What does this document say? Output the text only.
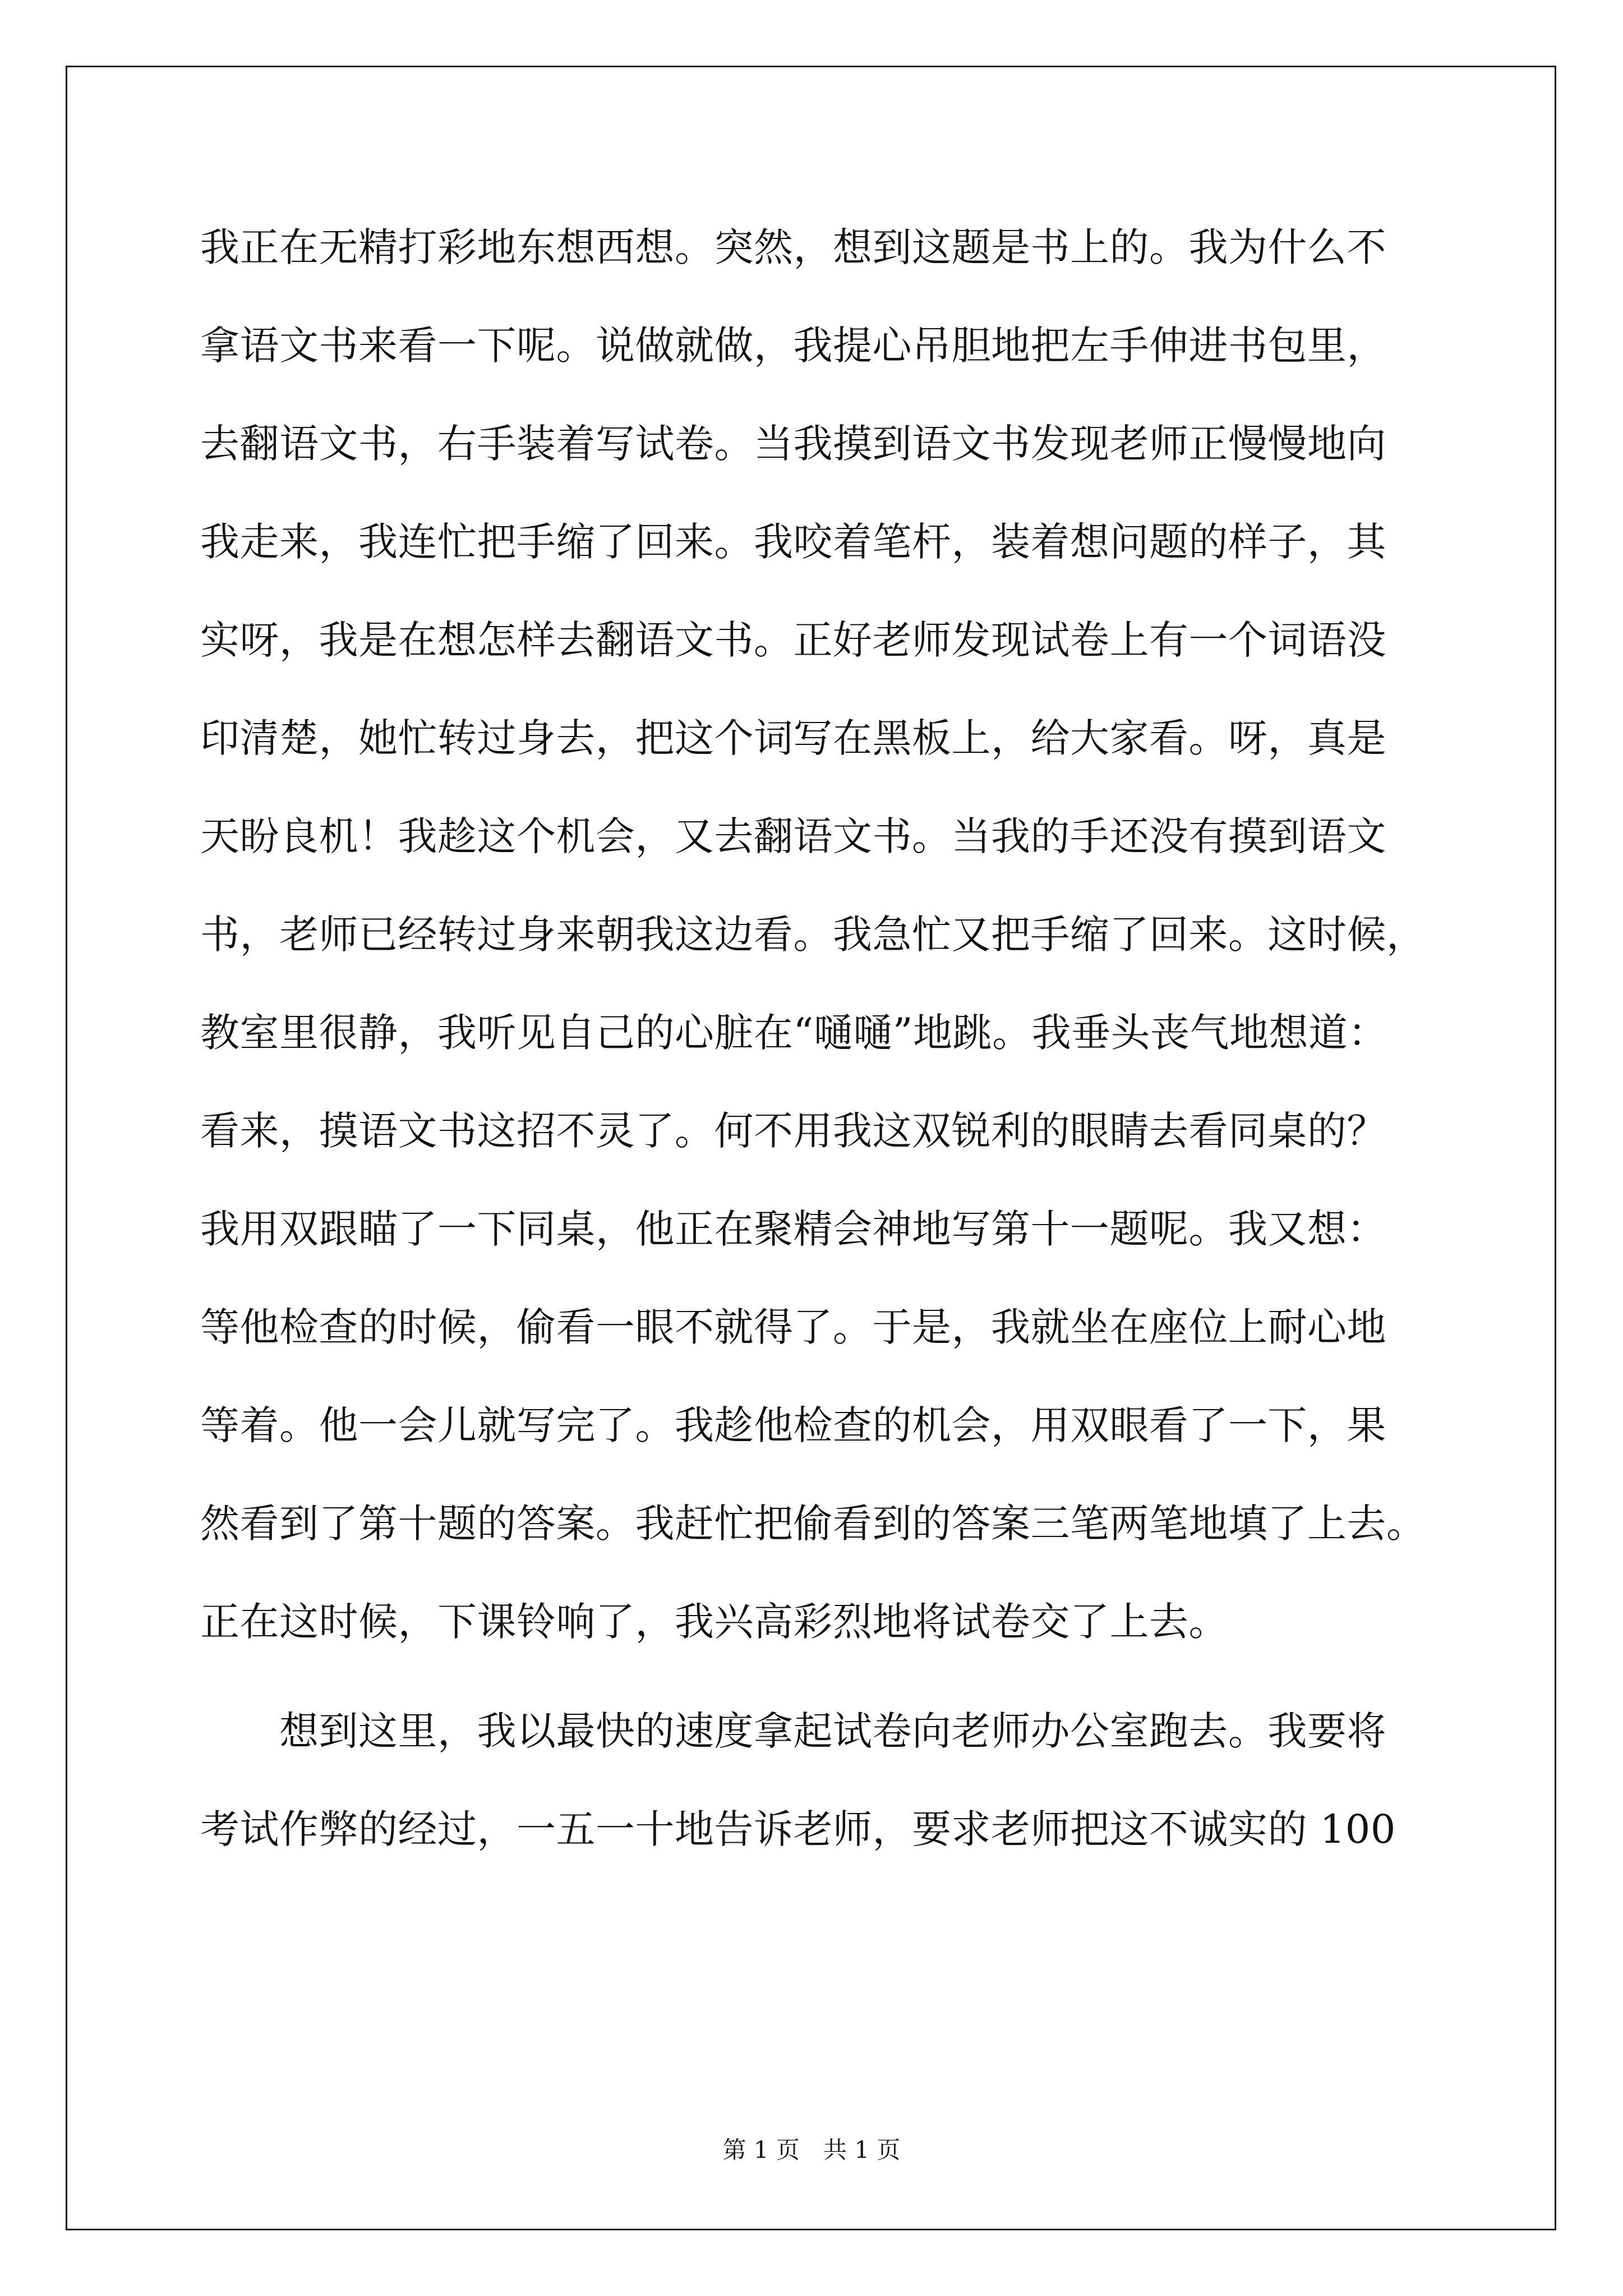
我正在无精打彩地东想西想。突然，想到这题是书上的。我为什么不
拿语文书来看一下呢。说做就做，我提心吊胆地把左手伸进书包里，
去翻语文书，右手装着写试卷。当我摸到语文书发现老师正慢慢地向
我走来，我连忙把手缩了回来。我咬着笔杆，装着想问题的样子，其
实呀，我是在想怎样去翻语文书。正好老师发现试卷上有一个词语没
印清楚，她忙转过身去，把这个词写在黑板上，给大家看。呀，真是
天盼良机！我趁这个机会，又去翻语文书。当我的手还没有摸到语文
书，老师已经转过身来朝我这边看。我急忙又把手缩了回来。这时候，
教室里很静，我听见自己的心脏在“嗵嗵”地跳。我垂头丧气地想道：
看来，摸语文书这招不灵了。何不用我这双锐利的眼睛去看同桌的？
我用双跟瞄了一下同桌，他正在聚精会神地写第十一题呢。我又想：
等他检查的时候，偷看一眼不就得了。于是，我就坐在座位上耐心地
等着。他一会儿就写完了。我趁他检查的机会，用双眼看了一下，果
然看到了第十题的答案。我赶忙把偷看到的答案三笔两笔地填了上去。
正在这时候，下课铃响了，我兴高彩烈地将试卷交了上去。
　　想到这里，我以最快的速度拿起试卷向老师办公室跑去。我要将
考试作弊的经过，一五一十地告诉老师，要求老师把这不诚实的 100
第 1 页　共 1 页
